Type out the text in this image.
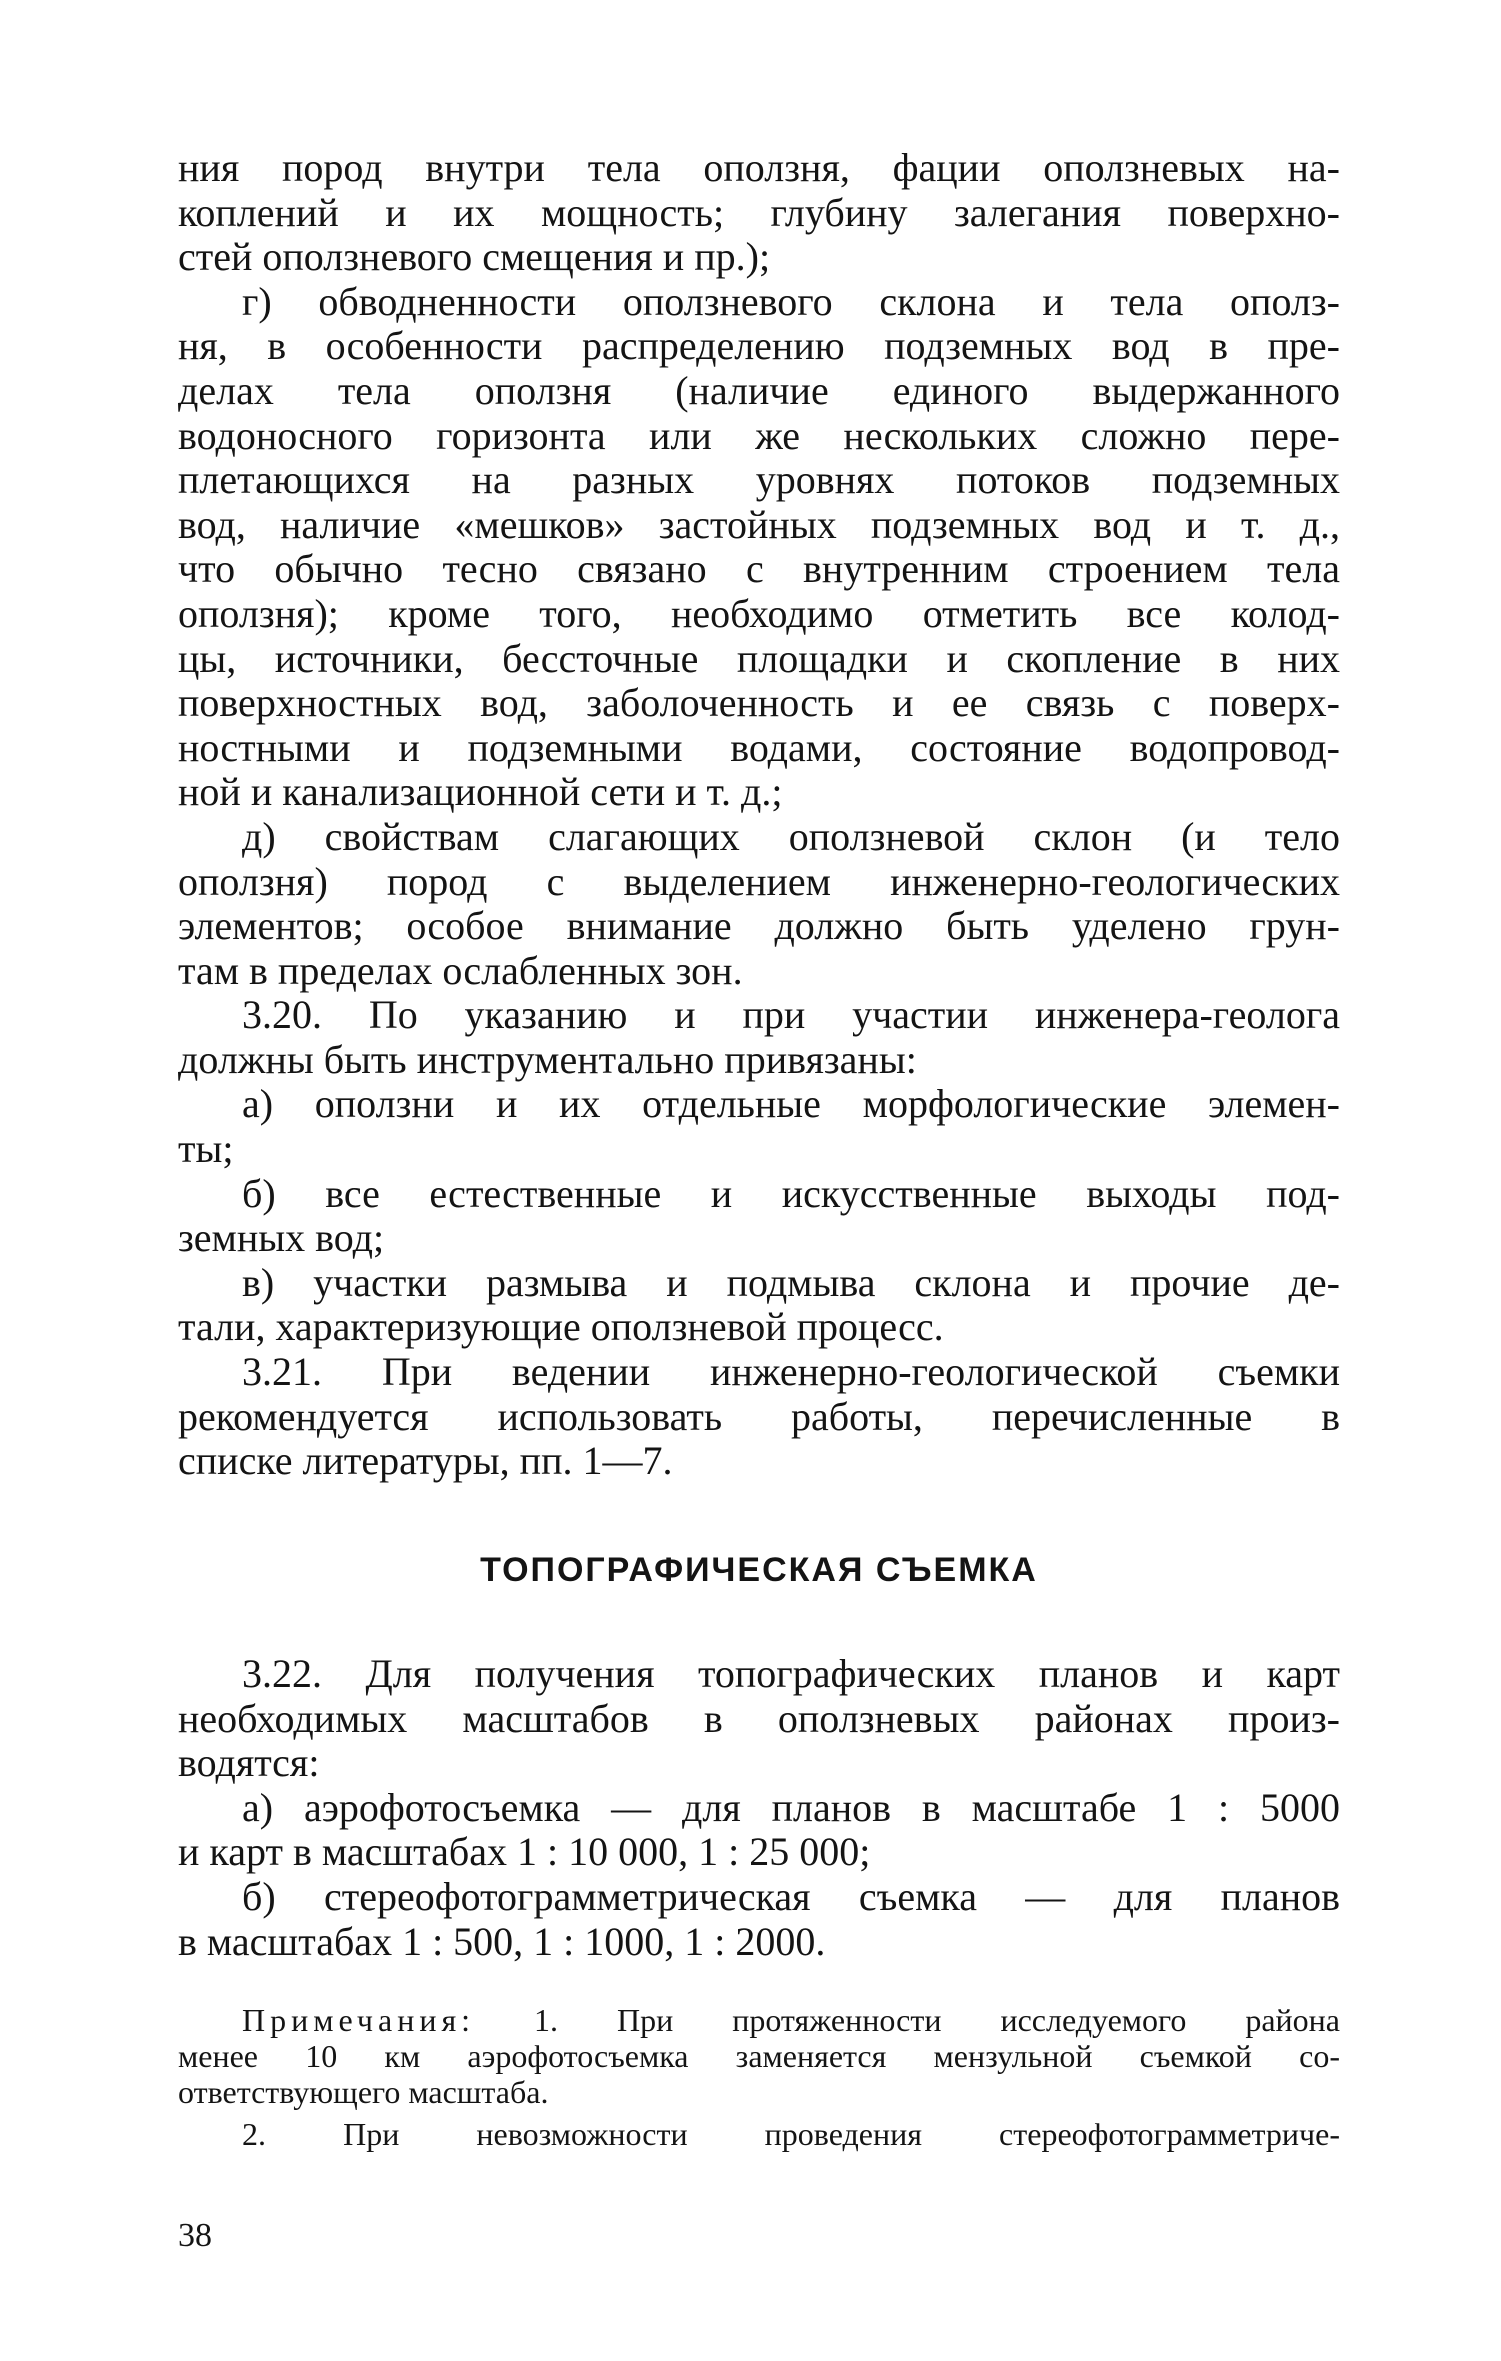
ния пород внутри тела оползня, фации оползневых на-
коплений и их мощность; глубину залегания поверхно-
стей оползневого смещения и пр.);
г) обводненности оползневого склона и тела ополз-
ня, в особенности распределению подземных вод в пре-
делах тела оползня (наличие единого выдержанного
водоносного горизонта или же нескольких сложно пере-
плетающихся на разных уровнях потоков подземных
вод, наличие «мешков» застойных подземных вод и т. д.,
что обычно тесно связано с внутренним строением тела
оползня); кроме того, необходимо отметить все колод-
цы, источники, бессточные площадки и скопление в них
поверхностных вод, заболоченность и ее связь с поверх-
ностными и подземными водами, состояние водопровод-
ной и канализационной сети и т. д.;
д) свойствам слагающих оползневой склон (и тело
оползня) пород с выделением инженерно-геологических
элементов; особое внимание должно быть уделено грун-
там в пределах ослабленных зон.
3.20. По указанию и при участии инженера-геолога
должны быть инструментально привязаны:
а) оползни и их отдельные морфологические элемен-
ты;
б) все естественные и искусственные выходы под-
земных вод;
в) участки размыва и подмыва склона и прочие де-
тали, характеризующие оползневой процесс.
3.21. При ведении инженерно-геологической съемки
рекомендуется использовать работы, перечисленные в
списке литературы, пп. 1—7.
ТОПОГРАФИЧЕСКАЯ СЪЕМКА
3.22. Для получения топографических планов и карт
необходимых масштабов в оползневых районах произ-
водятся:
а) аэрофотосъемка — для планов в масштабе 1 : 5000
и карт в масштабах 1 : 10 000, 1 : 25 000;
б) стереофотограмметрическая съемка — для планов
в масштабах 1 : 500, 1 : 1000, 1 : 2000.
Примечания: 1. При протяженности исследуемого района
менее 10 км аэрофотосъемка заменяется мензульной съемкой со-
ответствующего масштаба.
2. При невозможности проведения стереофотограмметриче-
38
